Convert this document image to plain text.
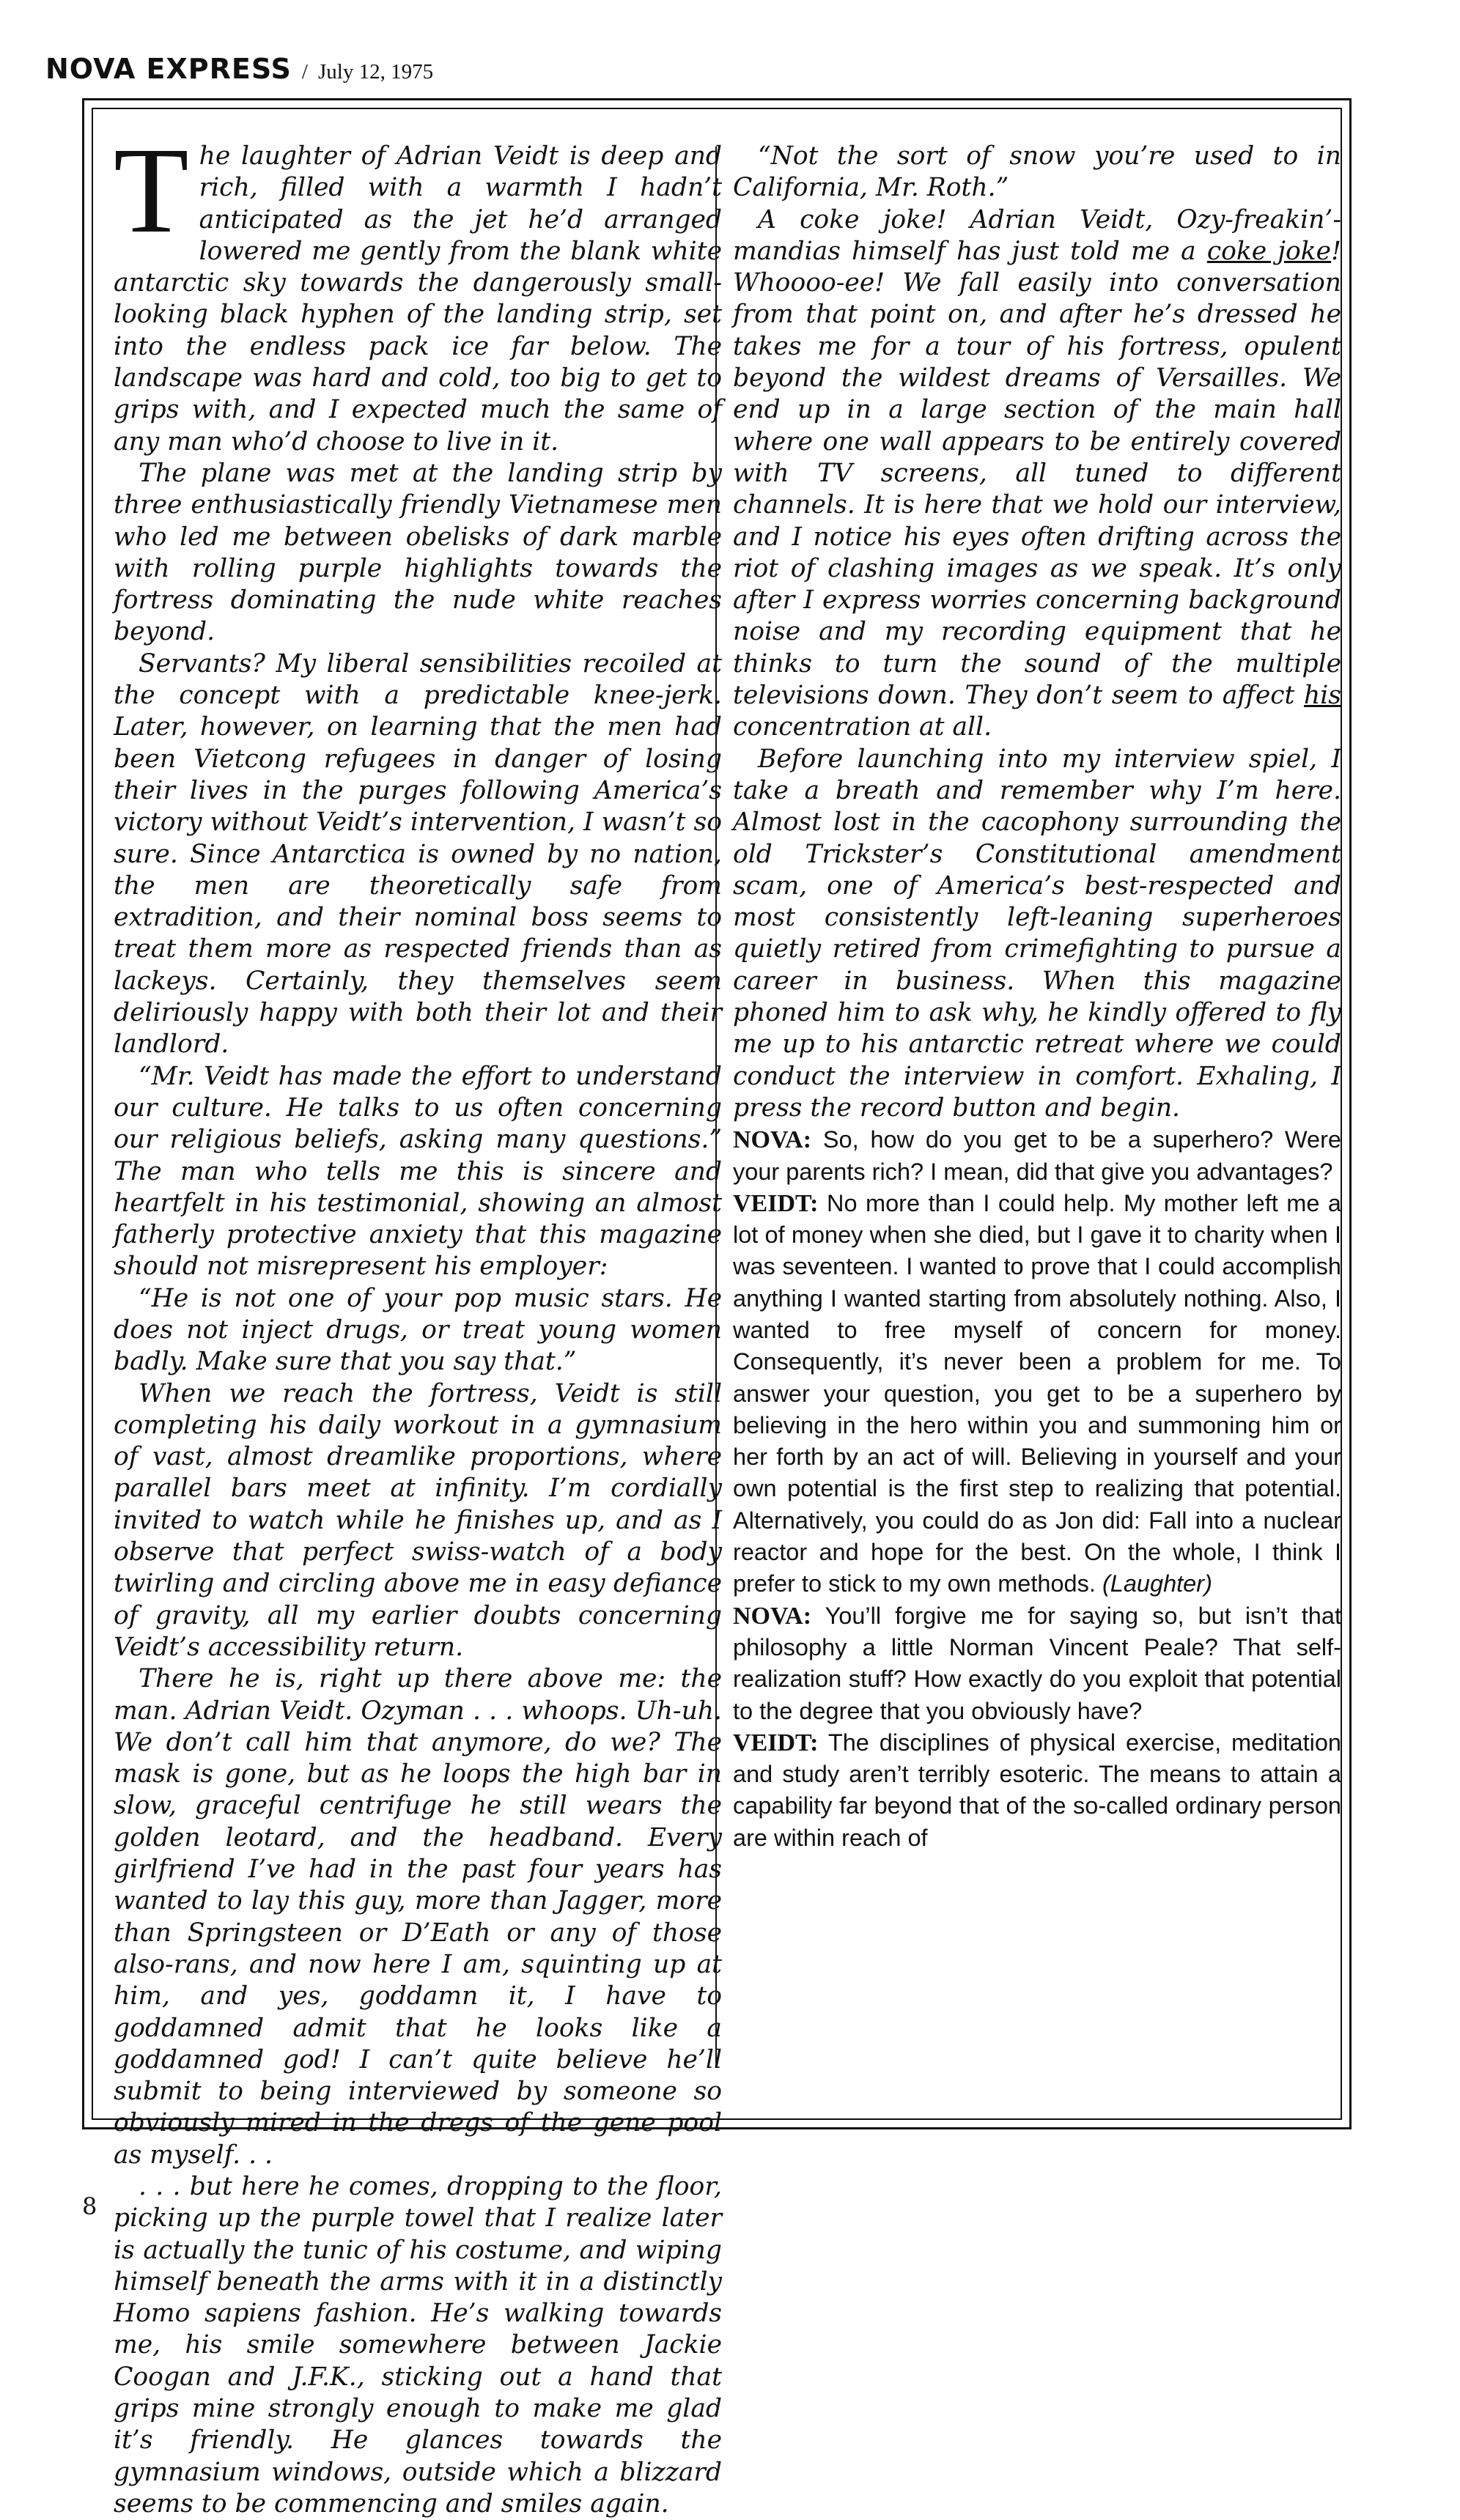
NOVA EXPRESS / July 12, 1975

The laughter of Adrian Veidt is deep and rich, filled with a warmth I hadn’t anticipated as the jet he’d arranged lowered me gently from the blank white antarctic sky towards the dangerously small-looking black hyphen of the landing strip, set into the endless pack ice far below. The landscape was hard and cold, too big to get to grips with, and I expected much the same of any man who’d choose to live in it.

The plane was met at the landing strip by three enthusiastically friendly Vietnamese men who led me between obelisks of dark marble with rolling purple highlights towards the fortress dominating the nude white reaches beyond.

Servants? My liberal sensibilities recoiled at the concept with a predictable knee-jerk. Later, however, on learning that the men had been Vietcong refugees in danger of losing their lives in the purges following America’s victory without Veidt’s intervention, I wasn’t so sure. Since Antarctica is owned by no nation, the men are theoretically safe from extradition, and their nominal boss seems to treat them more as respected friends than as lackeys. Certainly, they themselves seem deliriously happy with both their lot and their landlord.

“Mr. Veidt has made the effort to understand our culture. He talks to us often concerning our religious beliefs, asking many questions.” The man who tells me this is sincere and heartfelt in his testimonial, showing an almost fatherly protective anxiety that this magazine should not misrepresent his employer:

“He is not one of your pop music stars. He does not inject drugs, or treat young women badly. Make sure that you say that.”

When we reach the fortress, Veidt is still completing his daily workout in a gymnasium of vast, almost dreamlike proportions, where parallel bars meet at infinity. I’m cordially invited to watch while he finishes up, and as I observe that perfect swiss-watch of a body twirling and circling above me in easy defiance of gravity, all my earlier doubts concerning Veidt’s accessibility return.

There he is, right up there above me: the man. Adrian Veidt. Ozyman . . . whoops. Uh-uh. We don’t call him that anymore, do we? The mask is gone, but as he loops the high bar in slow, graceful centrifuge he still wears the golden leotard, and the headband. Every girlfriend I’ve had in the past four years has wanted to lay this guy, more than Jagger, more than Springsteen or D’Eath or any of those also-rans, and now here I am, squinting up at him, and yes, goddamn it, I have to goddamned admit that he looks like a goddamned god! I can’t quite believe he’ll submit to being interviewed by someone so obviously mired in the dregs of the gene pool as myself. . .

. . . but here he comes, dropping to the floor, picking up the purple towel that I realize later is actually the tunic of his costume, and wiping himself beneath the arms with it in a distinctly Homo sapiens fashion. He’s walking towards me, his smile somewhere between Jackie Coogan and J.F.K., sticking out a hand that grips mine strongly enough to make me glad it’s friendly. He glances towards the gymnasium windows, outside which a blizzard seems to be commencing and smiles again.

“Not the sort of snow you’re used to in California, Mr. Roth.”

A coke joke! Adrian Veidt, Ozy-freakin’-mandias himself has just told me a coke joke! Whoooo-ee! We fall easily into conversation from that point on, and after he’s dressed he takes me for a tour of his fortress, opulent beyond the wildest dreams of Versailles. We end up in a large section of the main hall where one wall appears to be entirely covered with TV screens, all tuned to different channels. It is here that we hold our interview, and I notice his eyes often drifting across the riot of clashing images as we speak. It’s only after I express worries concerning background noise and my recording equipment that he thinks to turn the sound of the multiple televisions down. They don’t seem to affect his concentration at all.

Before launching into my interview spiel, I take a breath and remember why I’m here. Almost lost in the cacophony surrounding the old Trickster’s Constitutional amendment scam, one of America’s best-respected and most consistently left-leaning superheroes quietly retired from crimefighting to pursue a career in business. When this magazine phoned him to ask why, he kindly offered to fly me up to his antarctic retreat where we could conduct the interview in comfort. Exhaling, I press the record button and begin.

NOVA: So, how do you get to be a superhero? Were your parents rich? I mean, did that give you advantages?

VEIDT: No more than I could help. My mother left me a lot of money when she died, but I gave it to charity when I was seventeen. I wanted to prove that I could accomplish anything I wanted starting from absolutely nothing. Also, I wanted to free myself of concern for money. Consequently, it’s never been a problem for me. To answer your question, you get to be a superhero by believing in the hero within you and summoning him or her forth by an act of will. Believing in yourself and your own potential is the first step to realizing that potential. Alternatively, you could do as Jon did: Fall into a nuclear reactor and hope for the best. On the whole, I think I prefer to stick to my own methods. (Laughter)

NOVA: You’ll forgive me for saying so, but isn’t that philosophy a little Norman Vincent Peale? That self-realization stuff? How exactly do you exploit that potential to the degree that you obviously have?

VEIDT: The disciplines of physical exercise, meditation and study aren’t terribly esoteric. The means to attain a capability far beyond that of the so-called ordinary person are within reach of

8
